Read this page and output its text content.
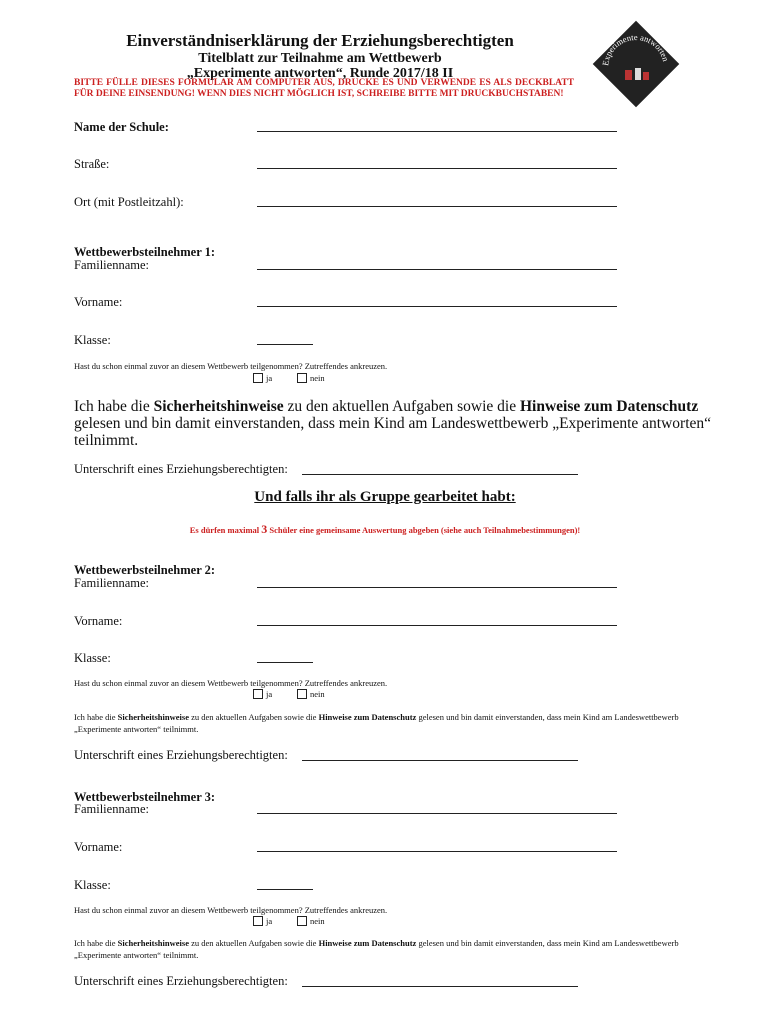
Einverständniserklärung der Erziehungsberechtigten
Titelblatt zur Teilnahme am Wettbewerb
„Experimente antworten“, Runde 2017/18 II
BITTE FÜLLE DIESES FORMULAR AM COMPUTER AUS, DRUCKE ES UND VERWENDE ES ALS DECKBLATT FÜR DEINE EINSENDUNG! WENN DIES NICHT MÖGLICH IST, SCHREIBE BITTE MIT DRUCKBUCHSTABEN!
Experimente antworten
Name der Schule:
Straße:
Ort (mit Postleitzahl):
Wettbewerbsteilnehmer 1:
Familienname:
Vorname:
Klasse:
Hast du schon einmal zuvor an diesem Wettbewerb teilgenommen? Zutreffendes ankreuzen.
ja	nein
Ich habe die Sicherheitshinweise zu den aktuellen Aufgaben sowie die Hinweise zum Datenschutz
gelesen und bin damit einverstanden, dass mein Kind am Landeswettbewerb „Experimente antworten“
teilnimmt.
Unterschrift eines Erziehungsberechtigten:
Und falls ihr als Gruppe gearbeitet habt:
Es dürfen maximal 3 Schüler eine gemeinsame Auswertung abgeben (siehe auch Teilnahmebestimmungen)!
Wettbewerbsteilnehmer 2:
Familienname:
Vorname:
Klasse:
Hast du schon einmal zuvor an diesem Wettbewerb teilgenommen? Zutreffendes ankreuzen.
ja	nein
Ich habe die Sicherheitshinweise zu den aktuellen Aufgaben sowie die Hinweise zum Datenschutz gelesen und bin damit einverstanden, dass mein Kind am Landeswettbewerb „Experimente antworten“ teilnimmt.
Unterschrift eines Erziehungsberechtigten:
Wettbewerbsteilnehmer 3:
Familienname:
Vorname:
Klasse:
Hast du schon einmal zuvor an diesem Wettbewerb teilgenommen? Zutreffendes ankreuzen.
ja	nein
Ich habe die Sicherheitshinweise zu den aktuellen Aufgaben sowie die Hinweise zum Datenschutz gelesen und bin damit einverstanden, dass mein Kind am Landeswettbewerb „Experimente antworten“ teilnimmt.
Unterschrift eines Erziehungsberechtigten:
